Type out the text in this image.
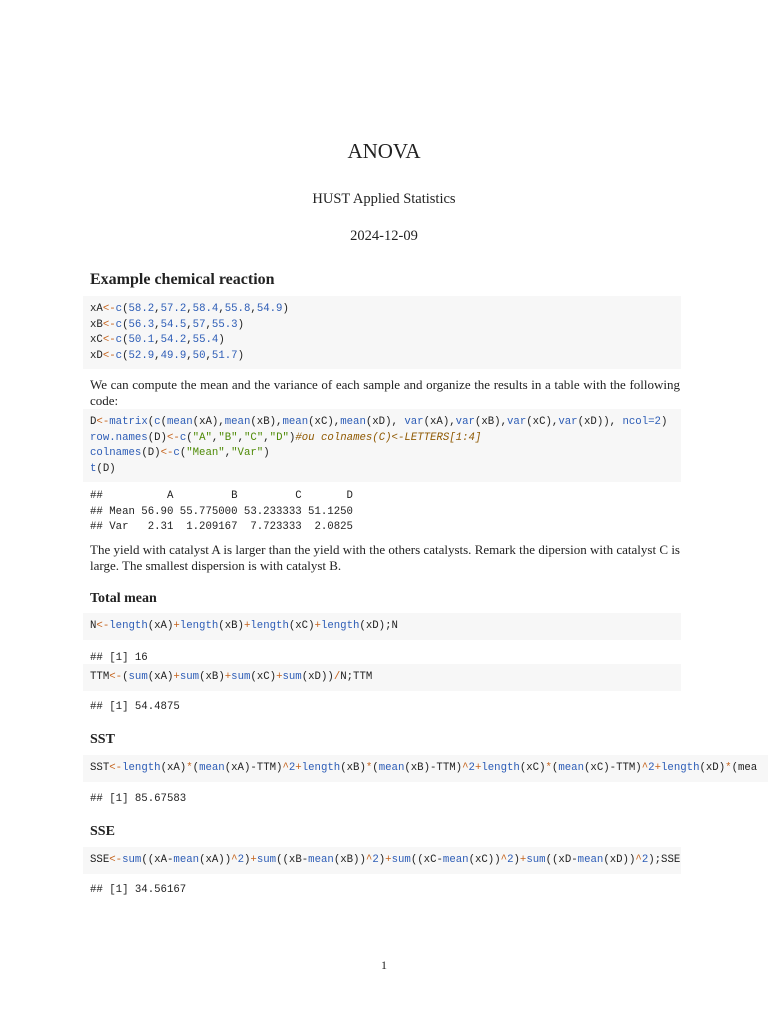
ANOVA
HUST Applied Statistics
2024-12-09
Example chemical reaction
xA<-c(58.2,57.2,58.4,55.8,54.9)
xB<-c(56.3,54.5,57,55.3)
xC<-c(50.1,54.2,55.4)
xD<-c(52.9,49.9,50,51.7)
We can compute the mean and the variance of each sample and organize the results in a table with the following code:
D<-matrix(c(mean(xA),mean(xB),mean(xC),mean(xD), var(xA),var(xB),var(xC),var(xD)), ncol=2)
row.names(D)<-c("A","B","C","D")#ou colnames(C)<-LETTERS[1:4]
colnames(D)<-c("Mean","Var")
t(D)
##          A         B         C       D
## Mean 56.90 55.775000 53.233333 51.1250
## Var   2.31  1.209167  7.723333  2.0825
The yield with catalyst A is larger than the yield with the others catalysts. Remark the dipersion with catalyst C is large. The smallest dispersion is with catalyst B.
Total mean
N<-length(xA)+length(xB)+length(xC)+length(xD);N
## [1] 16
TTM<-(sum(xA)+sum(xB)+sum(xC)+sum(xD))/N;TTM
## [1] 54.4875
SST
SST<-length(xA)*(mean(xA)-TTM)^2+length(xB)*(mean(xB)-TTM)^2+length(xC)*(mean(xC)-TTM)^2+length(xD)*(mea
## [1] 85.67583
SSE
SSE<-sum((xA-mean(xA))^2)+sum((xB-mean(xB))^2)+sum((xC-mean(xC))^2)+sum((xD-mean(xD))^2);SSE
## [1] 34.56167
1
